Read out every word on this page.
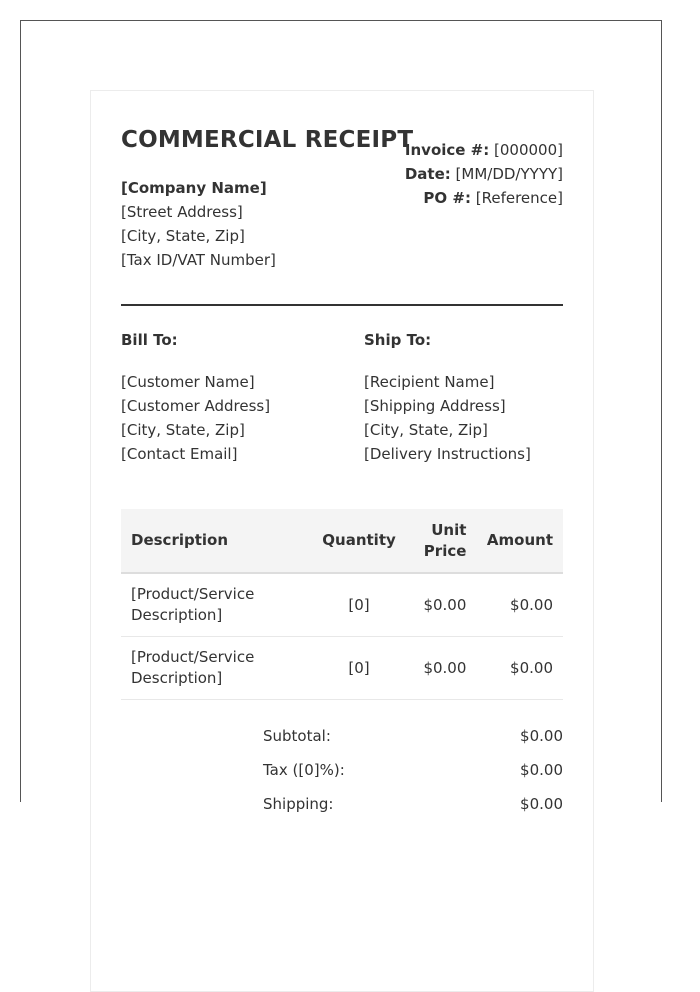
COMMERCIAL RECEIPT
[Company Name]
[Street Address]
[City, State, Zip]
[Tax ID/VAT Number]
Invoice #: [000000]
Date: [MM/DD/YYYY]
PO #: [Reference]
Bill To:
[Customer Name]
[Customer Address]
[City, State, Zip]
[Contact Email]
Ship To:
[Recipient Name]
[Shipping Address]
[City, State, Zip]
[Delivery Instructions]
Description	Quantity	Unit Price	Amount
[Product/Service Description]	[0]	$0.00	$0.00
[Product/Service Description]	[0]	$0.00	$0.00
Subtotal:	$0.00
Tax ([0]%):	$0.00
Shipping:	$0.00
